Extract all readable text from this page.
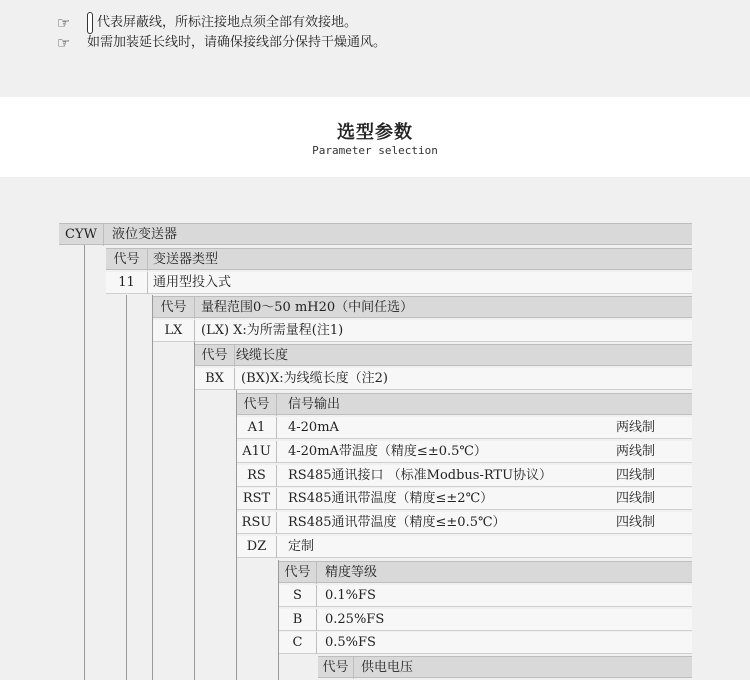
☞	代表屏蔽线，所标注接地点须全部有效接地。
☞	如需加装延长线时，请确保接线部分保持干燥通风。
选型参数
Parameter selection
CYW	液位变送器
代号	变送器类型
11	通用型投入式
代号	量程范围0～50 mH20（中间任选）
LX	(LX) X:为所需量程(注1)
代号 线缆长度
BX	(BX)X:为线缆长度（注2)
代号	信号输出
A1	4-20mA	两线制
A1U	4-20mA带温度（精度≤±0.5℃）	两线制
RS	RS485通讯接口 （标准Modbus-RTU协议）	四线制
RST	RS485通讯带温度（精度≤±2℃）	四线制
RSU	RS485通讯带温度（精度≤±0.5℃）	四线制
DZ	定制
代号	精度等级
S	0.1%FS
B	0.25%FS
C	0.5%FS
代号 供电电压
